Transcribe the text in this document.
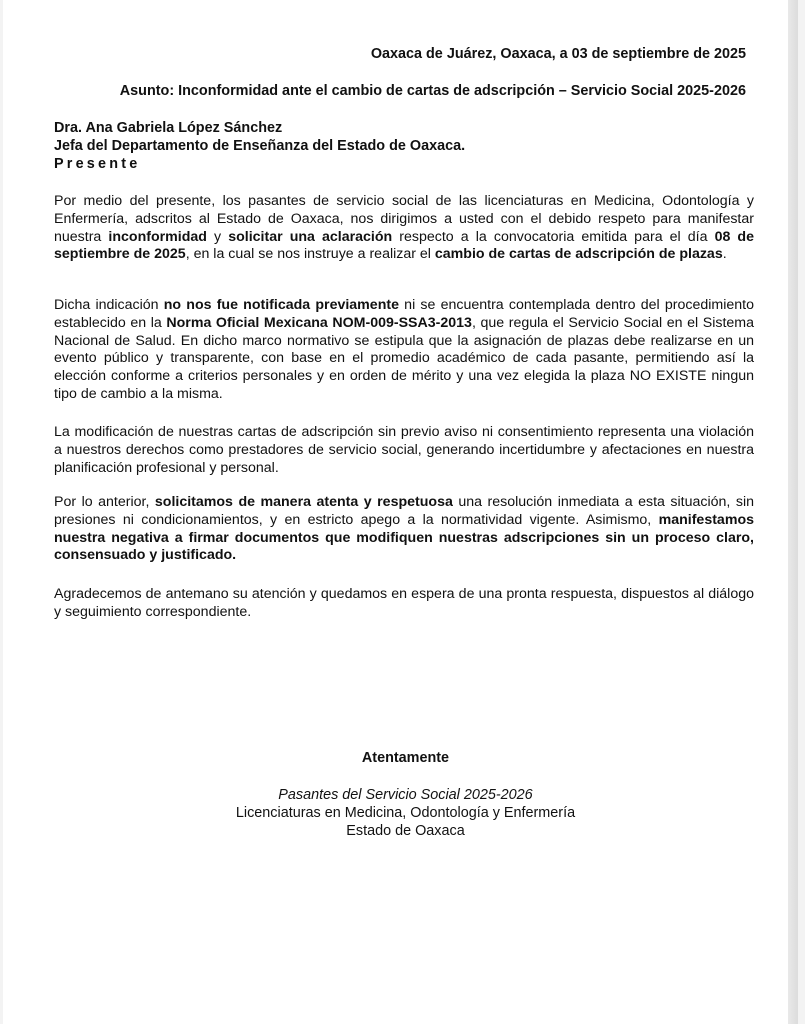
Oaxaca de Juárez, Oaxaca, a 03 de septiembre de 2025
Asunto: Inconformidad ante el cambio de cartas de adscripción – Servicio Social 2025-2026
Dra. Ana Gabriela López Sánchez
Jefa del Departamento de Enseñanza del Estado de Oaxaca.
Presente
Por medio del presente, los pasantes de servicio social de las licenciaturas en Medicina, Odontología y Enfermería, adscritos al Estado de Oaxaca, nos dirigimos a usted con el debido respeto para manifestar nuestra inconformidad y solicitar una aclaración respecto a la convocatoria emitida para el día 08 de septiembre de 2025, en la cual se nos instruye a realizar el cambio de cartas de adscripción de plazas.
Dicha indicación no nos fue notificada previamente ni se encuentra contemplada dentro del procedimiento establecido en la Norma Oficial Mexicana NOM-009-SSA3-2013, que regula el Servicio Social en el Sistema Nacional de Salud. En dicho marco normativo se estipula que la asignación de plazas debe realizarse en un evento público y transparente, con base en el promedio académico de cada pasante, permitiendo así la elección conforme a criterios personales y en orden de mérito y una vez elegida la plaza NO EXISTE ningun tipo de cambio a la misma.
La modificación de nuestras cartas de adscripción sin previo aviso ni consentimiento representa una violación a nuestros derechos como prestadores de servicio social, generando incertidumbre y afectaciones en nuestra planificación profesional y personal.
Por lo anterior, solicitamos de manera atenta y respetuosa una resolución inmediata a esta situación, sin presiones ni condicionamientos, y en estricto apego a la normatividad vigente. Asimismo, manifestamos nuestra negativa a firmar documentos que modifiquen nuestras adscripciones sin un proceso claro, consensuado y justificado.
Agradecemos de antemano su atención y quedamos en espera de una pronta respuesta, dispuestos al diálogo y seguimiento correspondiente.
Atentamente
Pasantes del Servicio Social 2025-2026
Licenciaturas en Medicina, Odontología y Enfermería
Estado de Oaxaca
